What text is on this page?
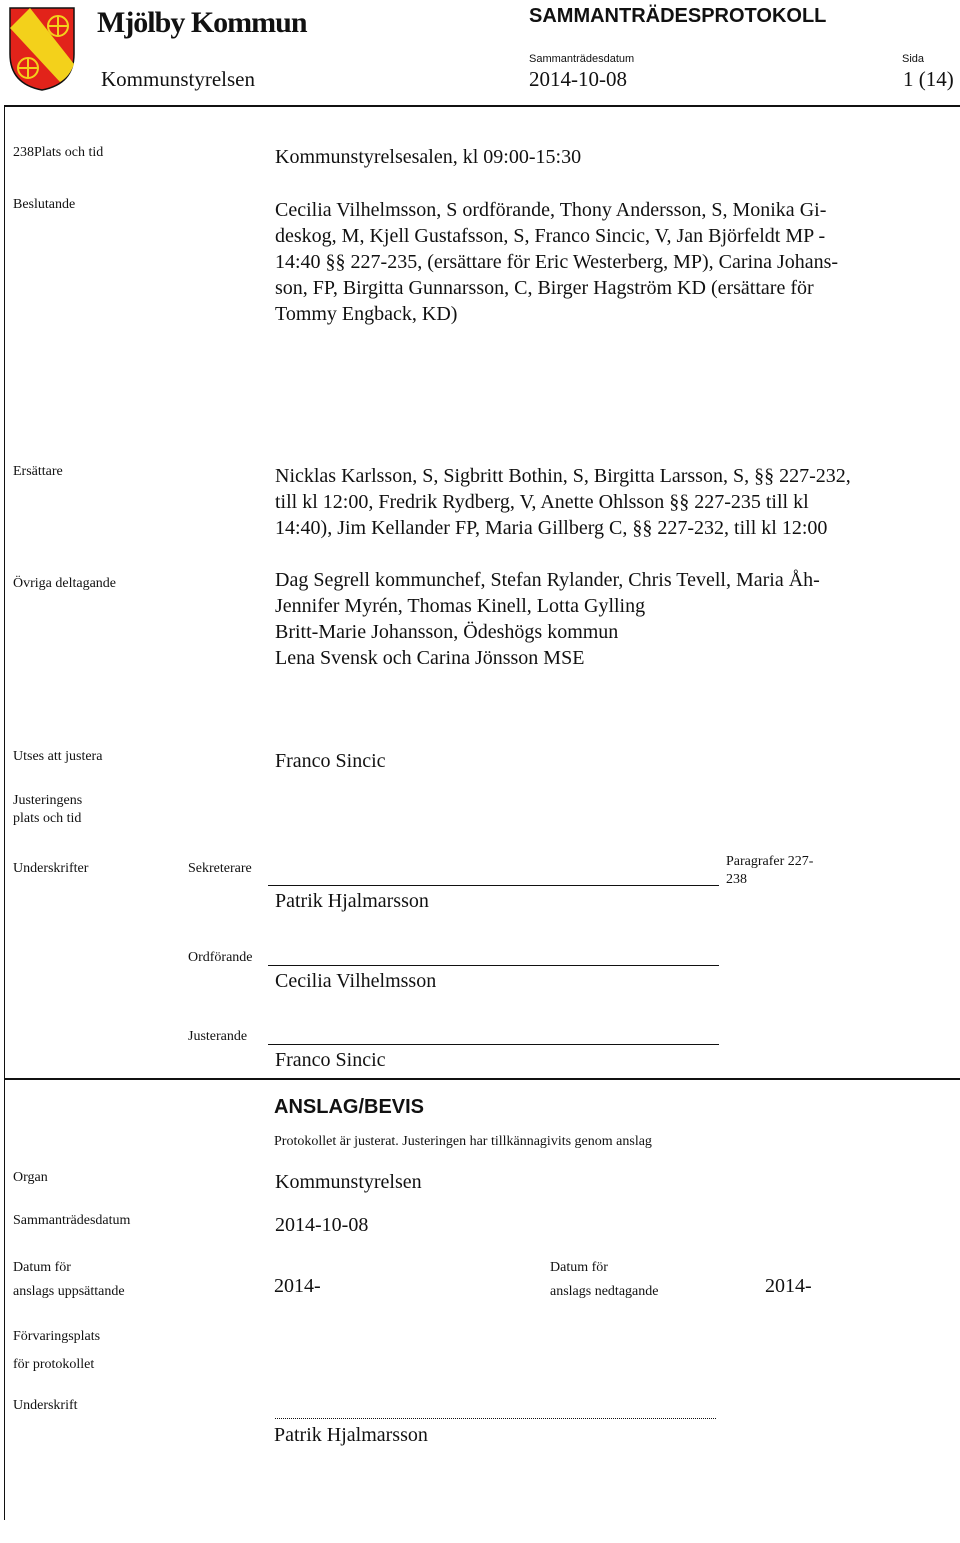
Mjölby Kommun	SAMMANTRÄDESPROTOKOLL
Sammanträdesdatum	Sida
Kommunstyrelsen	2014-10-08	1 (14)
238Plats och tid	Kommunstyrelsesalen, kl 09:00-15:30
Beslutande	Cecilia Vilhelmsson, S ordförande, Thony Andersson, S, Monika Gi-
deskog, M, Kjell Gustafsson, S, Franco Sincic, V, Jan Björfeldt MP -
14:40 §§ 227-235, (ersättare för Eric Westerberg, MP), Carina Johans-
son, FP, Birgitta Gunnarsson, C, Birger Hagström KD (ersättare för
Tommy Engback, KD)
Ersättare	Nicklas Karlsson, S, Sigbritt Bothin, S, Birgitta Larsson, S, §§ 227-232,
till kl 12:00, Fredrik Rydberg, V, Anette Ohlsson §§ 227-235 till kl
14:40), Jim Kellander FP, Maria Gillberg C, §§ 227-232, till kl 12:00
Övriga deltagande	Dag Segrell kommunchef, Stefan Rylander, Chris Tevell, Maria Åh-
Jennifer Myrén, Thomas Kinell, Lotta Gylling
Britt-Marie Johansson, Ödeshögs kommun
Lena Svensk och Carina Jönsson MSE
Utses att justera	Franco Sincic
Justeringens
plats och tid
Underskrifter	Sekreterare
Patrik Hjalmarsson
Paragrafer 227-
238
Ordförande
Cecilia Vilhelmsson
Justerande
Franco Sincic
ANSLAG/BEVIS
Protokollet är justerat. Justeringen har tillkännagivits genom anslag
Organ	Kommunstyrelsen
Sammanträdesdatum	2014-10-08
Datum för
anslags uppsättande	2014-
Datum för
anslags nedtagande	2014-
Förvaringsplats
för protokollet
Underskrift
Patrik Hjalmarsson
